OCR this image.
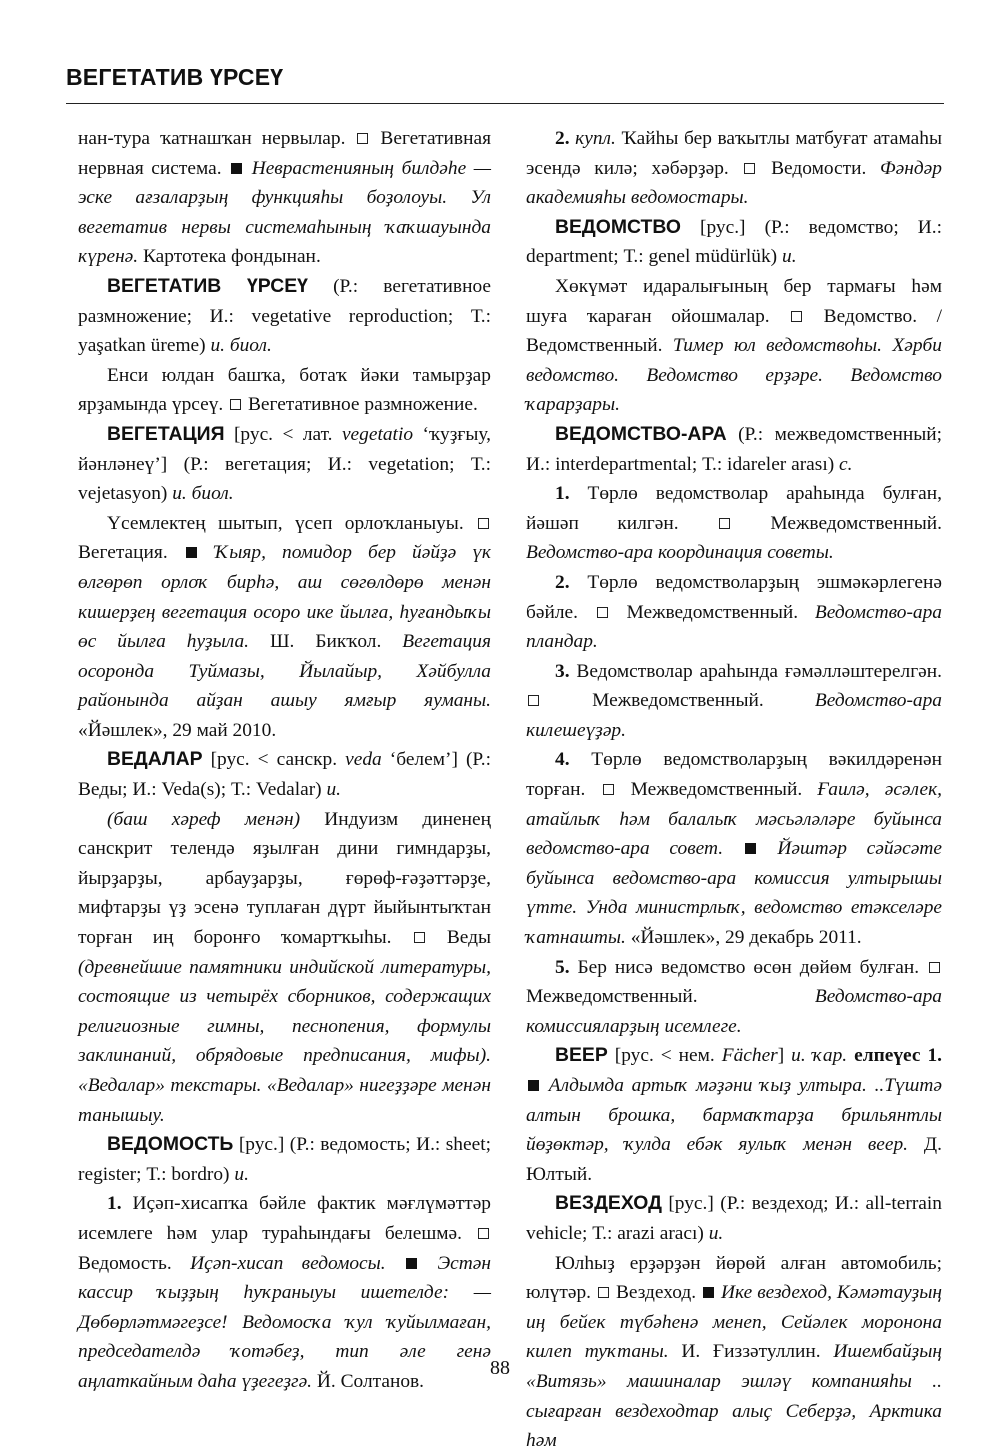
ВЕГЕТАТИВ ҮРСЕҮ

нан-тура ҡатнашҡан нервылар.  Вегетативная нервная система.  Неврастенияның билдәһе — эске ағзаларҙың функцияһы боҙолоуы. Ул вегетатив нервы системаһының ҡаҡшауында күренә. Картотека фондынан.

ВЕГЕТАТИВ ҮРСЕҮ (Р.: вегетативное размножение; И.: vegetative reproduction; Т.: yaşatkan üreme) и. биол.

Енси юлдан башҡа, ботаҡ йәки тамырҙар ярҙамында үрсеү.  Вегетативное размножение.

ВЕГЕТАЦИЯ [рус. < лат. vegetatio ‘ҡуҙғыу, йәнләнеү’] (Р.: вегетация; И.: vegetation; Т.: vejetasyon) и. биол.

Үсемлектең шытып, үсеп орлоҡланыуы.  Вегетация.  Ҡыяр, помидор бер йәйҙә үк өлгөрөп орлоҡ бирһә, аш сөгөлдөрө менән кишерҙең вегетация осоро ике йылға, һуғандыҡы өс йылға һуҙыла. Ш. Бикҡол. Вегетация осоронда Туймазы, Йылайыр, Хәйбулла районында айҙан ашыу ямғыр яуманы. «Йәшлек», 29 май 2010.

ВЕДАЛАР [рус. < санскр. veda ‘белем’] (Р.: Веды; И.: Veda(s); Т.: Vedalar) и.

(баш хәреф менән) Индуизм диненең санскрит телендә яҙылған дини гимндарҙы, йырҙарҙы, арбауҙарҙы, ғөрөф-ғәҙәттәрҙе, мифтарҙы үҙ эсенә туплаған дүрт йыйынтыҡтан торған иң боронғо ҡомартҡыһы.  Веды (древнейшие памятники индийской литературы, состоящие из четырёх сборников, содержащих религиозные гимны, песнопения, формулы заклинаний, обрядовые предписания, мифы). «Ведалар» текстары. «Ведалар» нигеҙҙәре менән танышыу.

ВЕДОМОСТЬ [рус.] (Р.: ведомость; И.: sheet; register; Т.: bordro) и.

1. Иҫәп-хисапҡа бәйле фактик мәғлүмәттәр исемлеге һәм улар тураһындағы белешмә.  Ведомость. Иҫәп-хисап ведомосы.  Эстән кассир ҡыҙҙың һуҡраныуы ишетелде: — Дөбөрләтмәгеҙсе! Ведомосҡа ҡул ҡуйылмаған, председателдә ҡотәбеҙ, тип әле генә аңлаткайным даһа үҙегеҙгә. Й. Солтанов.

2. купл. Ҡайһы бер ваҡытлы матбуғат атамаһы эсендә килә; хәбәрҙәр.  Ведомости. Фәндәр академияһы ведомостары.

ВЕДОМСТВО [рус.] (Р.: ведомство; И.: department; Т.: genel müdürlük) и.

Хөкүмәт идаралығының бер тармағы һәм шуға ҡараған ойошмалар.  Ведомство. / Ведомственный. Тимер юл ведомствоһы. Хәрби ведомство. Ведомство ерҙәре. Ведомство ҡарарҙары.

ВЕДОМСТВО-АРА (Р.: межведомственный; И.: interdepartmental; Т.: idareler arası) с.

1. Төрлө ведомстволар араһында булған, йәшәп килгән.  Межведомственный. Ведомство-ара координация советы.

2. Төрлө ведомстволарҙың эшмәкәрлегенә бәйле.  Межведомственный. Ведомство-ара пландар.

3. Ведомстволар араһында ғәмәлләштерелгән.  Межведомственный. Ведомство-ара килешеүҙәр.

4. Төрлө ведомстволарҙың вәкилдәренән торған.  Межведомственный. Ғаилә, әсәлек, атайлыҡ һәм балалыҡ мәсьәләләре буйынса ведомство-ара совет.  Йәштәр сәйәсәте буйынса ведомство-ара комиссия ултырышы үтте. Унда министрлыҡ, ведомство етәкселәре ҡатнашты. «Йәшлек», 29 декабрь 2011.

5. Бер нисә ведомство өсөн дөйөм булған.  Межведомственный. Ведомство-ара комиссияларҙың исемлеге.

ВЕЕР [рус. < нем. Fächer] и. ҡар. елпеүес 1.  Алдымда артыҡ мәҙәни ҡыҙ ултыра. ..Түштә алтын брошка, бармаҡтарҙа брильянтлы йөҙөктәр, ҡулда ебәк яулыҡ менән веер. Д. Юлтый.

ВЕЗДЕХОД [рус.] (Р.: вездеход; И.: all-terrain vehicle; Т.: arazi aracı) и.

Юлһыҙ ерҙәрҙән йөрөй алған автомобиль; юлүтәр.  Вездеход.  Ике вездеход, Кәмәтауҙың иң бейек түбәһенә менеп, Сейәлек моронона килеп туҡтаны. И. Ғиззәтуллин. Ишембайҙың «Витязь» машиналар эшләү компанияһы .. сығарған вездеходтар алыҫ Себерҙә, Арктика һәм

88
